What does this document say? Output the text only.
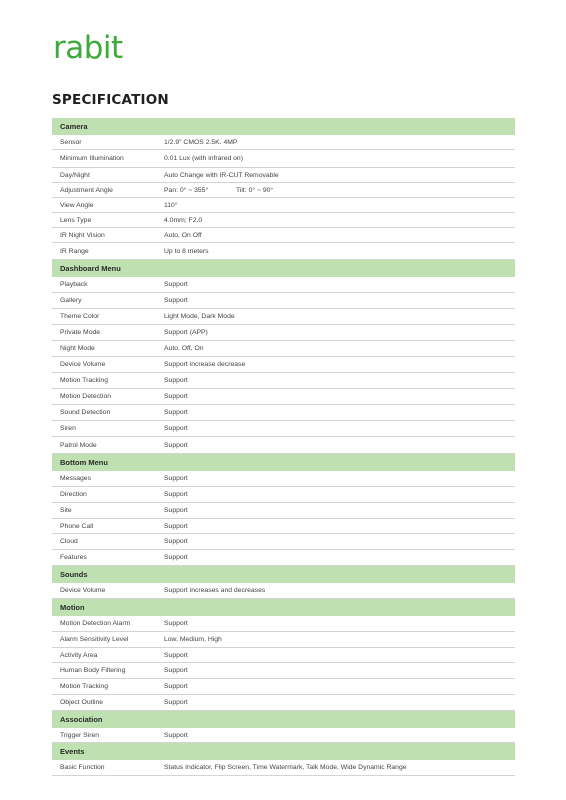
rabit
SPECIFICATION
Camera
Sensor	1/2.9" CMOS 2.5K. 4MP
Minimum Illumination	0.01 Lux (with infrared on)
Day/Night	Auto Change with IR-CUT Removable
Adjustment Angle	Pan: 0° ~ 355°	Tilt: 0° ~ 90°
View Angle	110°
Lens Type	4.0mm; F2.0
IR Night Vision	Auto, On Off
IR Range	Up to 8 meters
Dashboard Menu
Playback	Support
Gallery	Support
Theme Color	Light Mode, Dark Mode
Private Mode	Support (APP)
Night Mode	Auto. Off, On
Device Volume	Support increase decrease
Motion Tracking	Support
Motion Detection	Support
Sound Detection	Support
Siren	Support
Patrol Mode	Support
Bottom Menu
Messages	Support
Direction	Support
Site	Support
Phone Call	Support
Cloud	Support
Features	Support
Sounds
Device Volume	Support increases and decreases
Motion
Motion Detection Alarm	Support
Alarm Sensitivity Level	Low, Medium, High
Activity Area	Support
Human Body Filtering	Support
Motion Tracking	Support
Object Outline	Support
Association
Trigger Siren	Support
Events
Basic Function	Status Indicator, Flip Screen, Time Watermark, Talk Mode, Wide Dynamic Range
